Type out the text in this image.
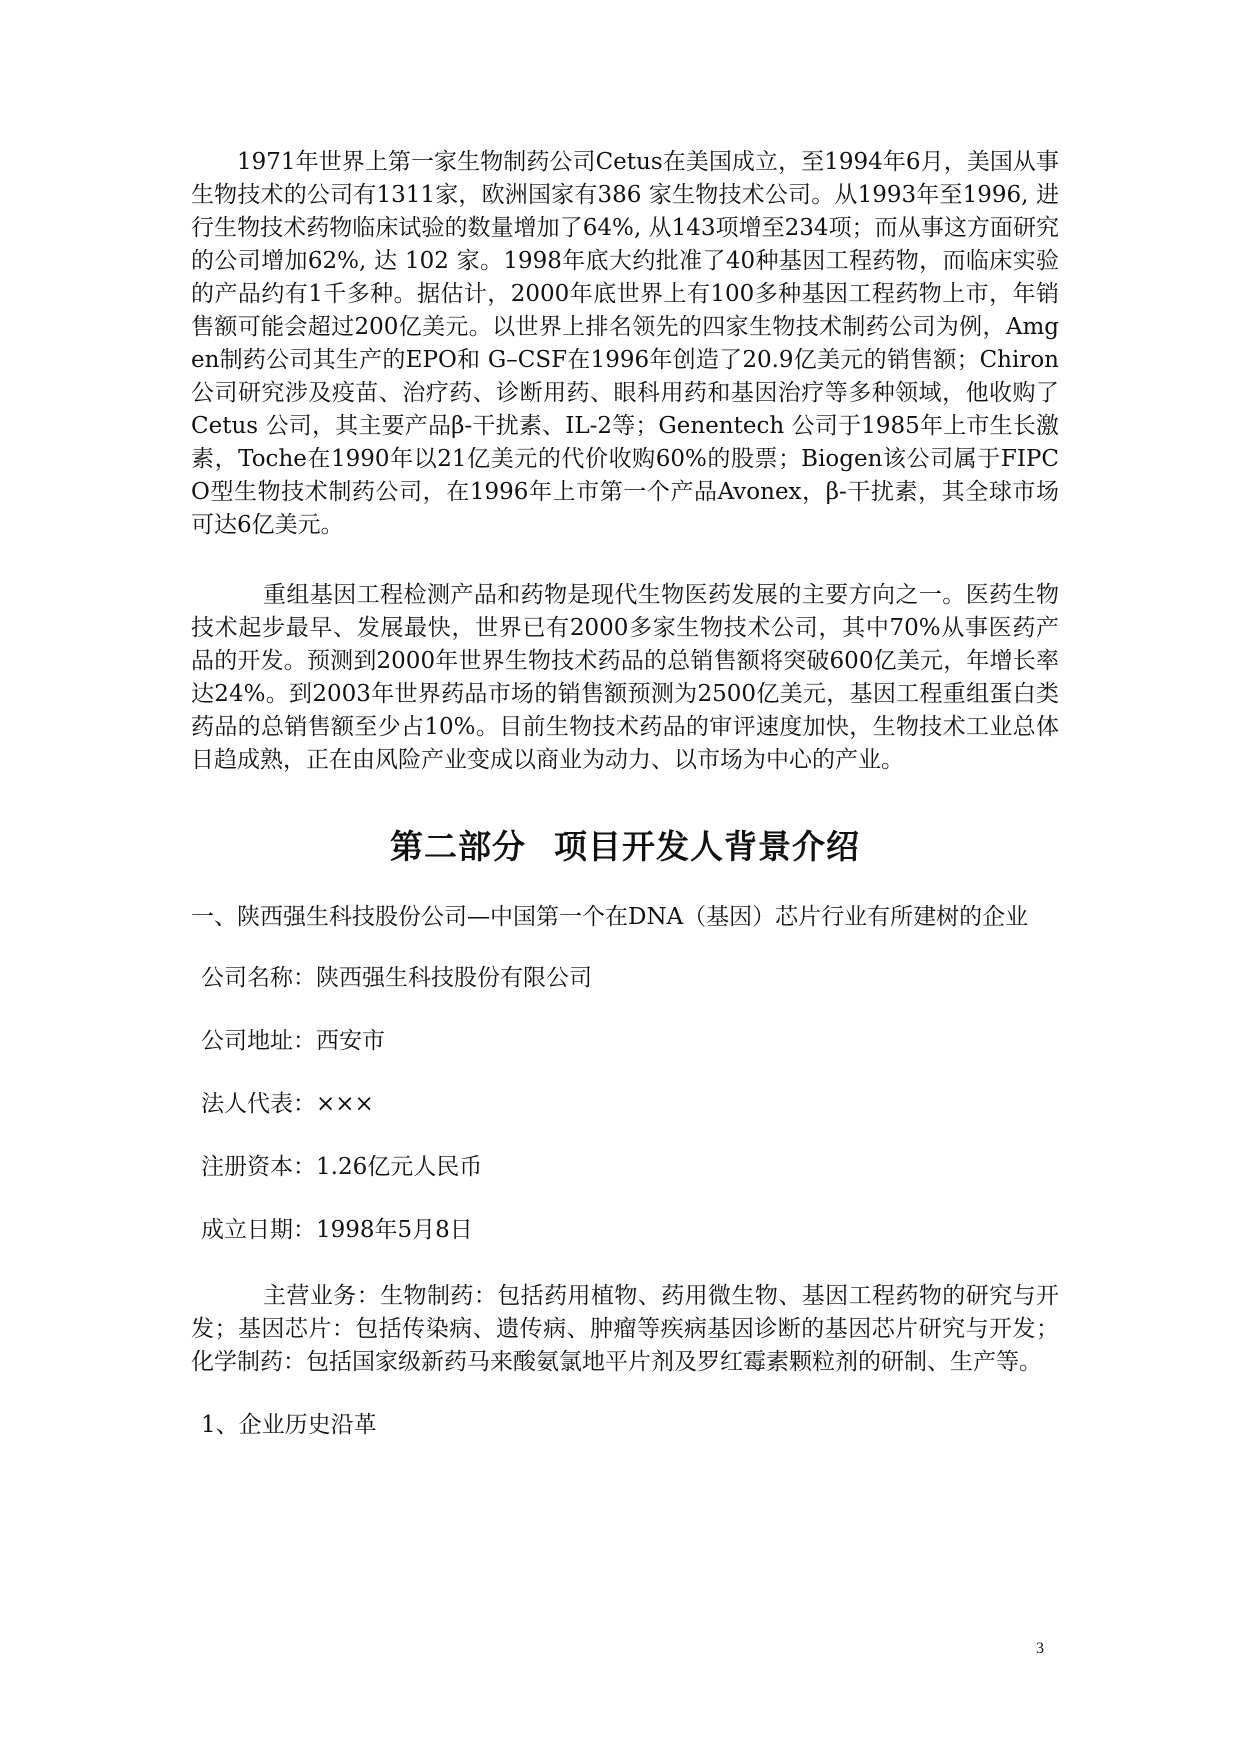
1971年世界上第一家生物制药公司Cetus在美国成立，至1994年6月，美国从事生物技术的公司有1311家，欧洲国家有386 家生物技术公司。从1993年至1996, 进行生物技术药物临床试验的数量增加了64%, 从143项增至234项；而从事这方面研究的公司增加62%, 达 102 家。1998年底大约批准了40种基因工程药物，而临床实验的产品约有1千多种。据估计，2000年底世界上有100多种基因工程药物上市，年销售额可能会超过200亿美元。以世界上排名领先的四家生物技术制药公司为例，Amgen制药公司其生产的EPO和 G–CSF在1996年创造了20.9亿美元的销售额；Chiron公司研究涉及疫苗、治疗药、诊断用药、眼科用药和基因治疗等多种领域，他收购了Cetus 公司，其主要产品β-干扰素、IL-2等；Genentech 公司于1985年上市生长激素，Toche在1990年以21亿美元的代价收购60%的股票；Biogen该公司属于FIPCO型生物技术制药公司，在1996年上市第一个产品Avonex，β-干扰素，其全球市场可达6亿美元。

重组基因工程检测产品和药物是现代生物医药发展的主要方向之一。医药生物技术起步最早、发展最快，世界已有2000多家生物技术公司，其中70%从事医药产品的开发。预测到2000年世界生物技术药品的总销售额将突破600亿美元，年增长率达24%。到2003年世界药品市场的销售额预测为2500亿美元，基因工程重组蛋白类药品的总销售额至少占10%。目前生物技术药品的审评速度加快，生物技术工业总体日趋成熟，正在由风险产业变成以商业为动力、以市场为中心的产业。

第二部分 项目开发人背景介绍

一、陕西强生科技股份公司—中国第一个在DNA（基因）芯片行业有所建树的企业

公司名称：陕西强生科技股份有限公司

公司地址：西安市

法人代表：×××

注册资本：1.26亿元人民币

成立日期：1998年5月8日

主营业务：生物制药：包括药用植物、药用微生物、基因工程药物的研究与开发；基因芯片：包括传染病、遗传病、肿瘤等疾病基因诊断的基因芯片研究与开发；化学制药：包括国家级新药马来酸氨氯地平片剂及罗红霉素颗粒剂的研制、生产等。

1、企业历史沿革

3
